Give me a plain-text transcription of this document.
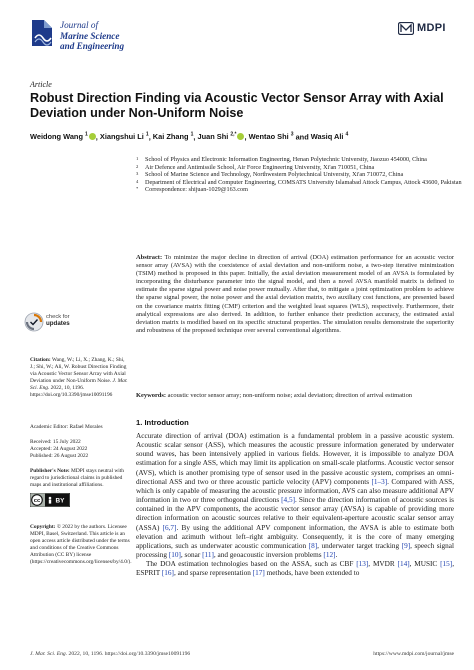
Journal of
Marine Science
and Engineering
MDPI
Article
Robust Direction Finding via Acoustic Vector Sensor Array with Axial Deviation under Non-Uniform Noise
Weidong Wang $^1$ , Xiangshui Li $^1$, Kai Zhang $^1$, Juan Shi $^{2,*}$ , Wentao Shi $^3$ and Wasiq Ali $^4$
1 School of Physics and Electronic Information Engineering, Henan Polytechnic University, Jiaozuo 454000, China
2 Air Defence and Antimissile School, Air Force Engineering University, Xi'an 710051, China
3 School of Marine Science and Technology, Northwestern Polytechnical University, Xi'an 710072, China
4 Department of Electrical and Computer Engineering, COMSATS University Islamabad Attock Campus, Attock 43600, Pakistan
* Correspondence: shijuan-1029@163.com
Abstract: To minimize the major decline in direction of arrival (DOA) estimation performance for an acoustic vector sensor array (AVSA) with the coexistence of axial deviation and non-uniform noise, a two-step iterative minimization (TSIM) method is proposed in this paper. Initially, the axial deviation measurement model of an AVSA is formulated by incorporating the disturbance parameter into the signal model, and then a novel AVSA manifold matrix is defined to estimate the sparse signal power and noise power mutually. After that, to mitigate a joint optimization problem to achieve the sparse signal power, the noise power and the axial deviation matrix, two auxiliary cost functions, are presented based on the covariance matrix fitting (CMF) criterion and the weighted least squares (WLS), respectively. Furthermore, their analytical expressions are also derived. In addition, to further enhance their prediction accuracy, the estimated axial deviation matrix is modified based on its specific structural properties. The simulation results demonstrate the superiority and robustness of the proposed technique over several conventional algorithms.
Keywords: acoustic vector sensor array; non-uniform noise; axial deviation; direction of arrival estimation
check for
updates
Citation: Wang, W.; Li, X.; Zhang, K.; Shi, J.; Shi, W.; Ali, W. Robust Direction Finding via Acoustic Vector Sensor Array with Axial Deviation under Non-Uniform Noise. J. Mar. Sci. Eng. 2022, 10, 1196. https://doi.org/10.3390/jmse10091196
Academic Editor: Rafael Morales
Received: 15 July 2022
Accepted: 24 August 2022
Published: 26 August 2022
Publisher's Note: MDPI stays neutral with regard to jurisdictional claims in published maps and institutional affiliations.
cc BY
Copyright: © 2022 by the authors. Licensee MDPI, Basel, Switzerland. This article is an open access article distributed under the terms and conditions of the Creative Commons Attribution (CC BY) license (https://creativecommons.org/licenses/by/4.0/).
1. Introduction

Accurate direction of arrival (DOA) estimation is a fundamental problem in a passive acoustic system. Acoustic scalar sensor (ASS), which measures the acoustic pressure information generated by underwater sound waves, has been intensively applied in various fields. However, it is impossible to analyze DOA estimation for a single ASS, which may limit its application on small-scale platforms. Acoustic vector sensor (AVS), which is another promising type of sensor used in the passive acoustic system, comprises an omni-directional ASS and two or three acoustic particle velocity (APV) components [1–3]. Compared with ASS, which is only capable of measuring the acoustic pressure information, AVS can also measure additional APV information in two or three orthogonal directions [4,5]. Since the direction information of acoustic sources is contained in the APV components, the acoustic vector sensor array (AVSA) is capable of providing more direction information on acoustic sources relative to their equivalent-aperture acoustic scalar sensor array (ASSA) [6,7]. By using the additional APV component information, the AVSA is able to estimate both elevation and azimuth without left–right ambiguity. Consequently, it is the core of many emerging applications, such as underwater acoustic communication [8], underwater target tracking [9], speech signal processing [10], sonar [11], and geoacoustic inversion problems [12].

The DOA estimation technologies based on the ASSA, such as CBF [13], MVDR [14], MUSIC [15], ESPRIT [16], and sparse representation [17] methods, have been extended to

J. Mar. Sci. Eng. 2022, 10, 1196. https://doi.org/10.3390/jmse10091196	https://www.mdpi.com/journal/jmse
